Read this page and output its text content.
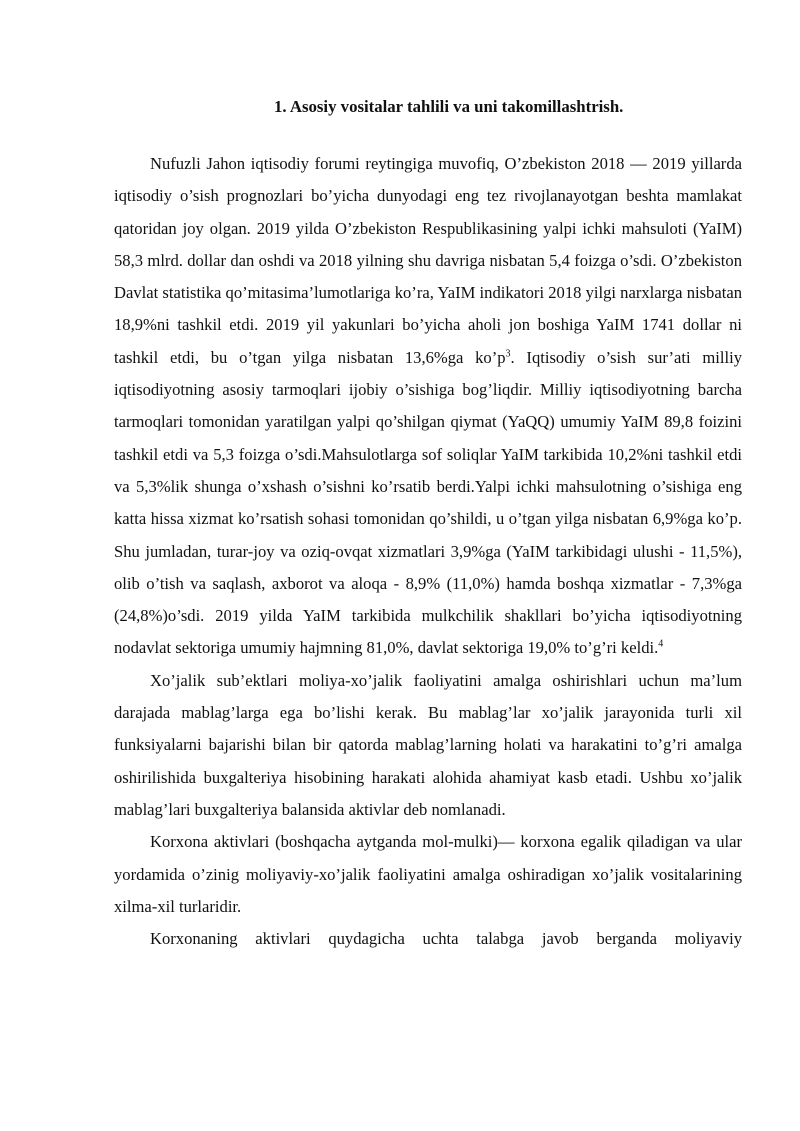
1. Asosiy vositalar tahlili va uni takomillashtrish.

Nufuzli Jahon iqtisodiy forumi reytingiga muvofiq, O’zbekiston 2018 — 2019 yillarda iqtisodiy o’sish prognozlari bo’yicha dunyodagi eng tez rivojlanayotgan beshta mamlakat qatoridan joy olgan. 2019 yilda O’zbekiston Respublikasining yalpi ichki mahsuloti (YaIM) 58,3 mlrd. dollar dan oshdi va 2018 yilning shu davriga nisbatan 5,4 foizga o’sdi. O’zbekiston Davlat statistika qo’mitasima’lumotlariga ko’ra, YaIM indikatori 2018 yilgi narxlarga nisbatan 18,9%ni tashkil etdi. 2019 yil yakunlari bo’yicha aholi jon boshiga YaIM 1741 dollar ni tashkil etdi, bu o’tgan yilga nisbatan 13,6%ga $ko’p^3$. Iqtisodiy o’sish sur’ati milliy iqtisodiyotning asosiy tarmoqlari ijobiy o’sishiga bog’liqdir. Milliy iqtisodiyotning barcha tarmoqlari tomonidan yaratilgan yalpi qo’shilgan qiymat (YaQQ) umumiy YaIM 89,8 foizini tashkil etdi va 5,3 foizga o’sdi.Mahsulotlarga sof soliqlar YaIM tarkibida 10,2%ni tashkil etdi va 5,3%lik shunga o’xshash o’sishni ko’rsatib berdi.Yalpi ichki mahsulotning o’sishiga eng katta hissa xizmat ko’rsatish sohasi tomonidan qo’shildi, u o’tgan yilga nisbatan 6,9%ga ko’p. Shu jumladan, turar-joy va oziq-ovqat xizmatlari 3,9%ga (YaIM tarkibidagi ulushi - 11,5%), olib o’tish va saqlash, axborot va aloqa - 8,9% (11,0%) hamda boshqa xizmatlar - 7,3%ga (24,8%)o’sdi. 2019 yilda YaIM tarkibida mulkchilik shakllari bo’yicha iqtisodiyotning nodavlat sektoriga umumiy hajmning 81,0%, davlat sektoriga 19,0% to’g’ri keldi.$^4$

Xo’jalik sub’ektlari moliya-xo’jalik faoliyatini amalga oshirishlari uchun ma’lum darajada mablag’larga ega bo’lishi kerak. Bu mablag’lar xo’jalik jarayonida turli xil funksiyalarni bajarishi bilan bir qatorda mablag’larning holati va harakatini to’g’ri amalga oshirilishida buxgalteriya hisobining harakati alohida ahamiyat kasb etadi. Ushbu xo’jalik mablag’lari buxgalteriya balansida aktivlar deb nomlanadi.

Korxona aktivlari (boshqacha aytganda mol-mulki)— korxona egalik qiladigan va ular yordamida o’zinig moliyaviy-xo’jalik faoliyatini amalga oshiradigan xo’jalik vositalarining xilma-xil turlaridir.

Korxonaning aktivlari quydagicha uchta talabga javob berganda moliyaviy
